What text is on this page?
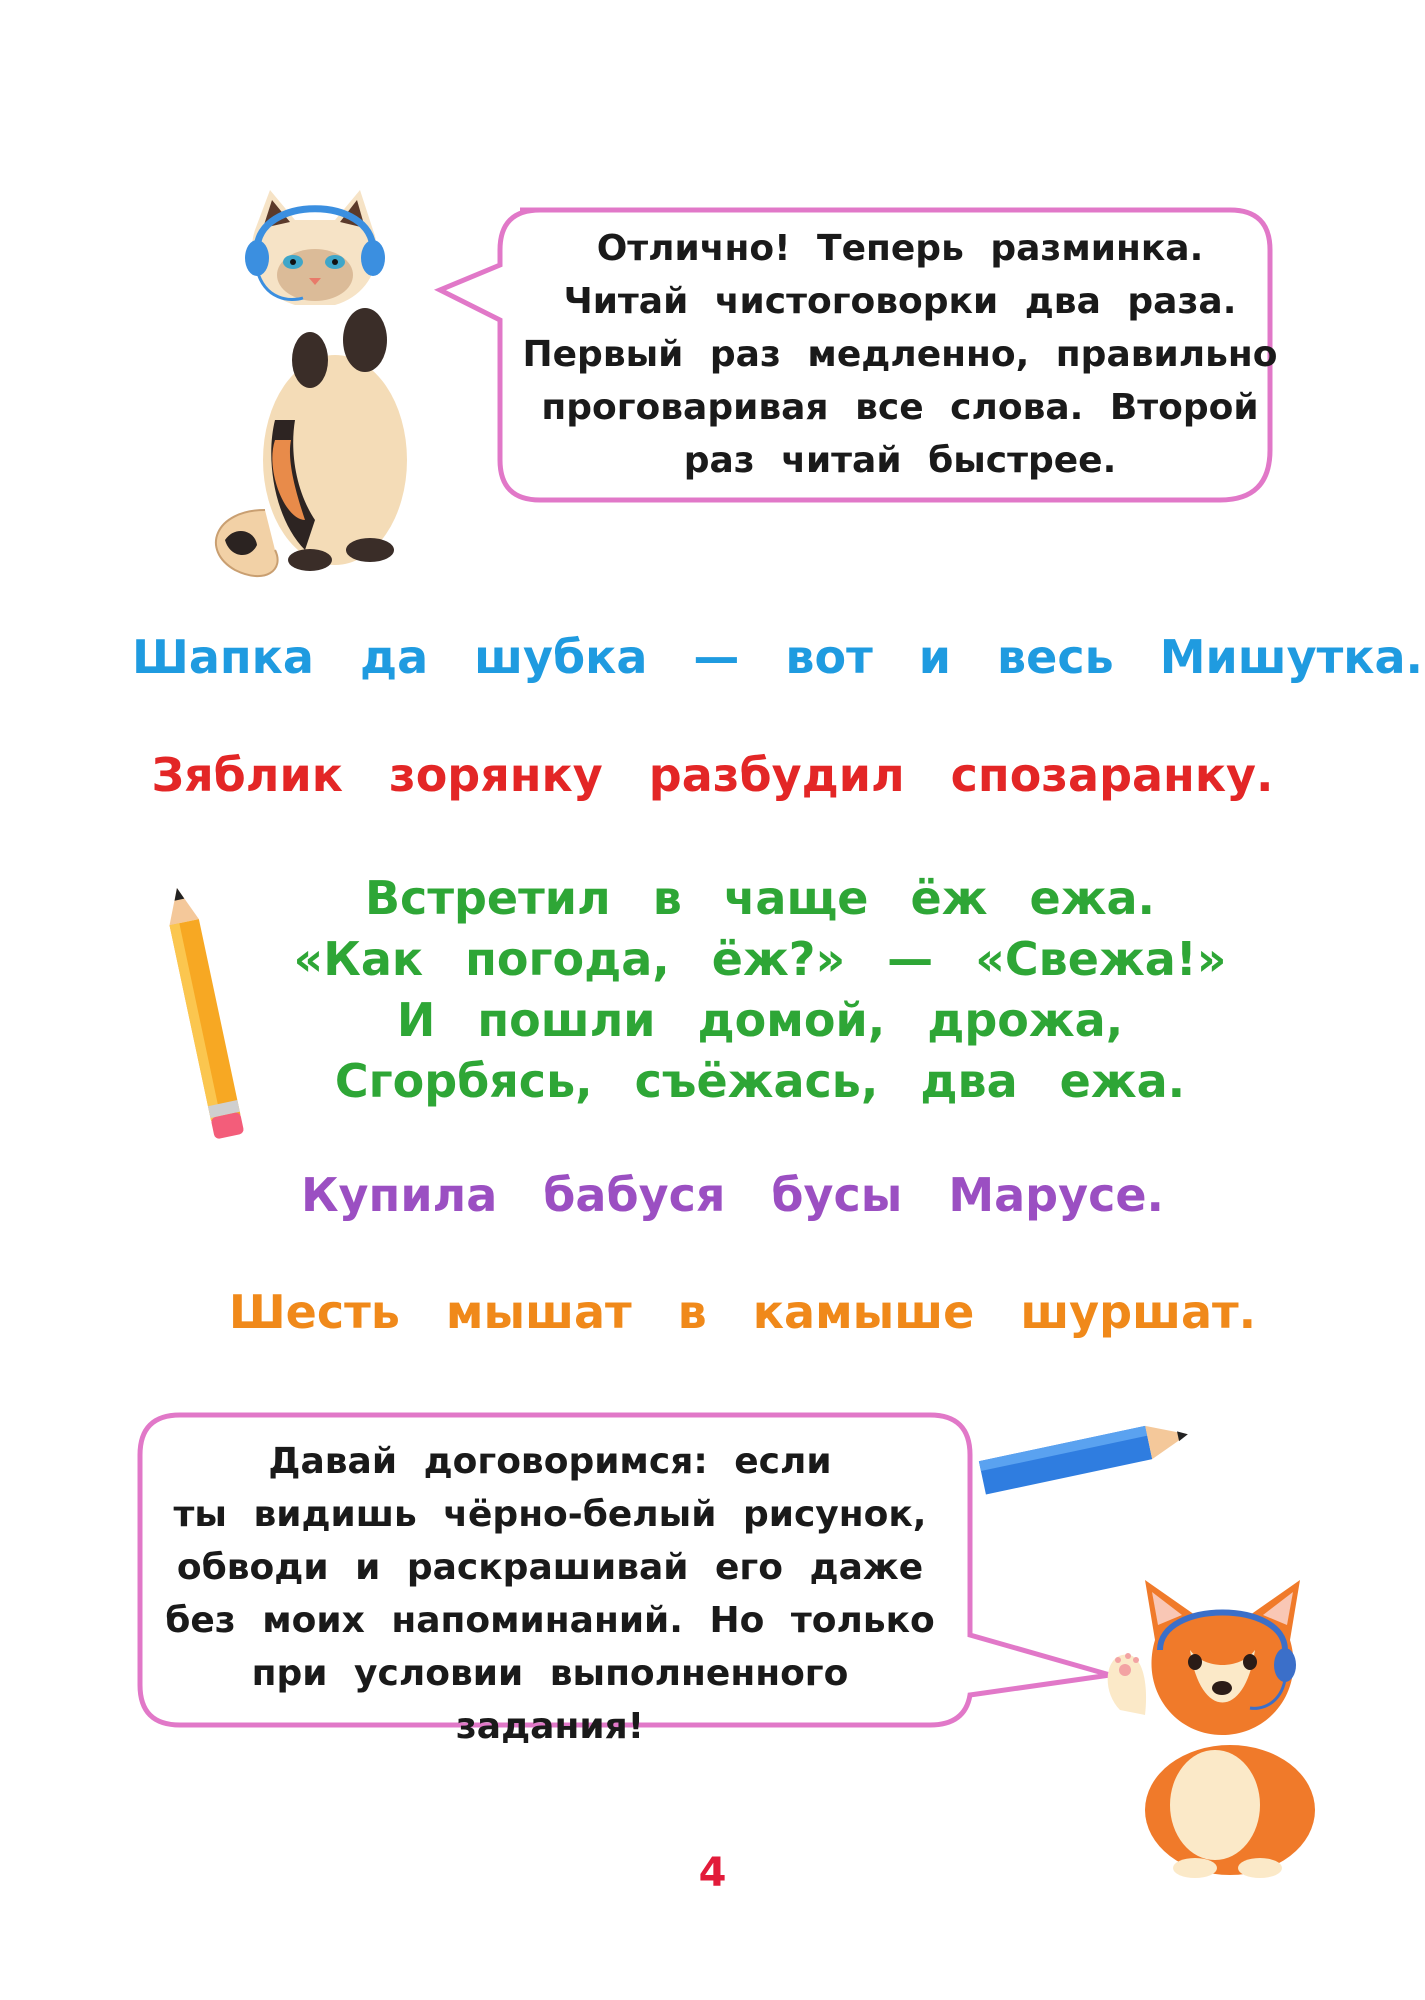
Отлично! Теперь разминка.
Читай чистоговорки два раза.
Первый раз медленно, правильно
проговаривая все слова. Второй
раз читай быстрее.
Шапка да шубка — вот и весь Мишутка.
Зяблик зорянку разбудил спозаранку.
Встретил в чаще ёж ежа.
«Как погода, ёж?» — «Свежа!»
И пошли домой, дрожа,
Сгорбясь, съёжась, два ежа.
Купила бабуся бусы Марусе.
Шесть мышат в камыше шуршат.
Давай договоримся: если
ты видишь чёрно-белый рисунок,
обводи и раскрашивай его даже
без моих напоминаний. Но только
при условии выполненного задания!
4
